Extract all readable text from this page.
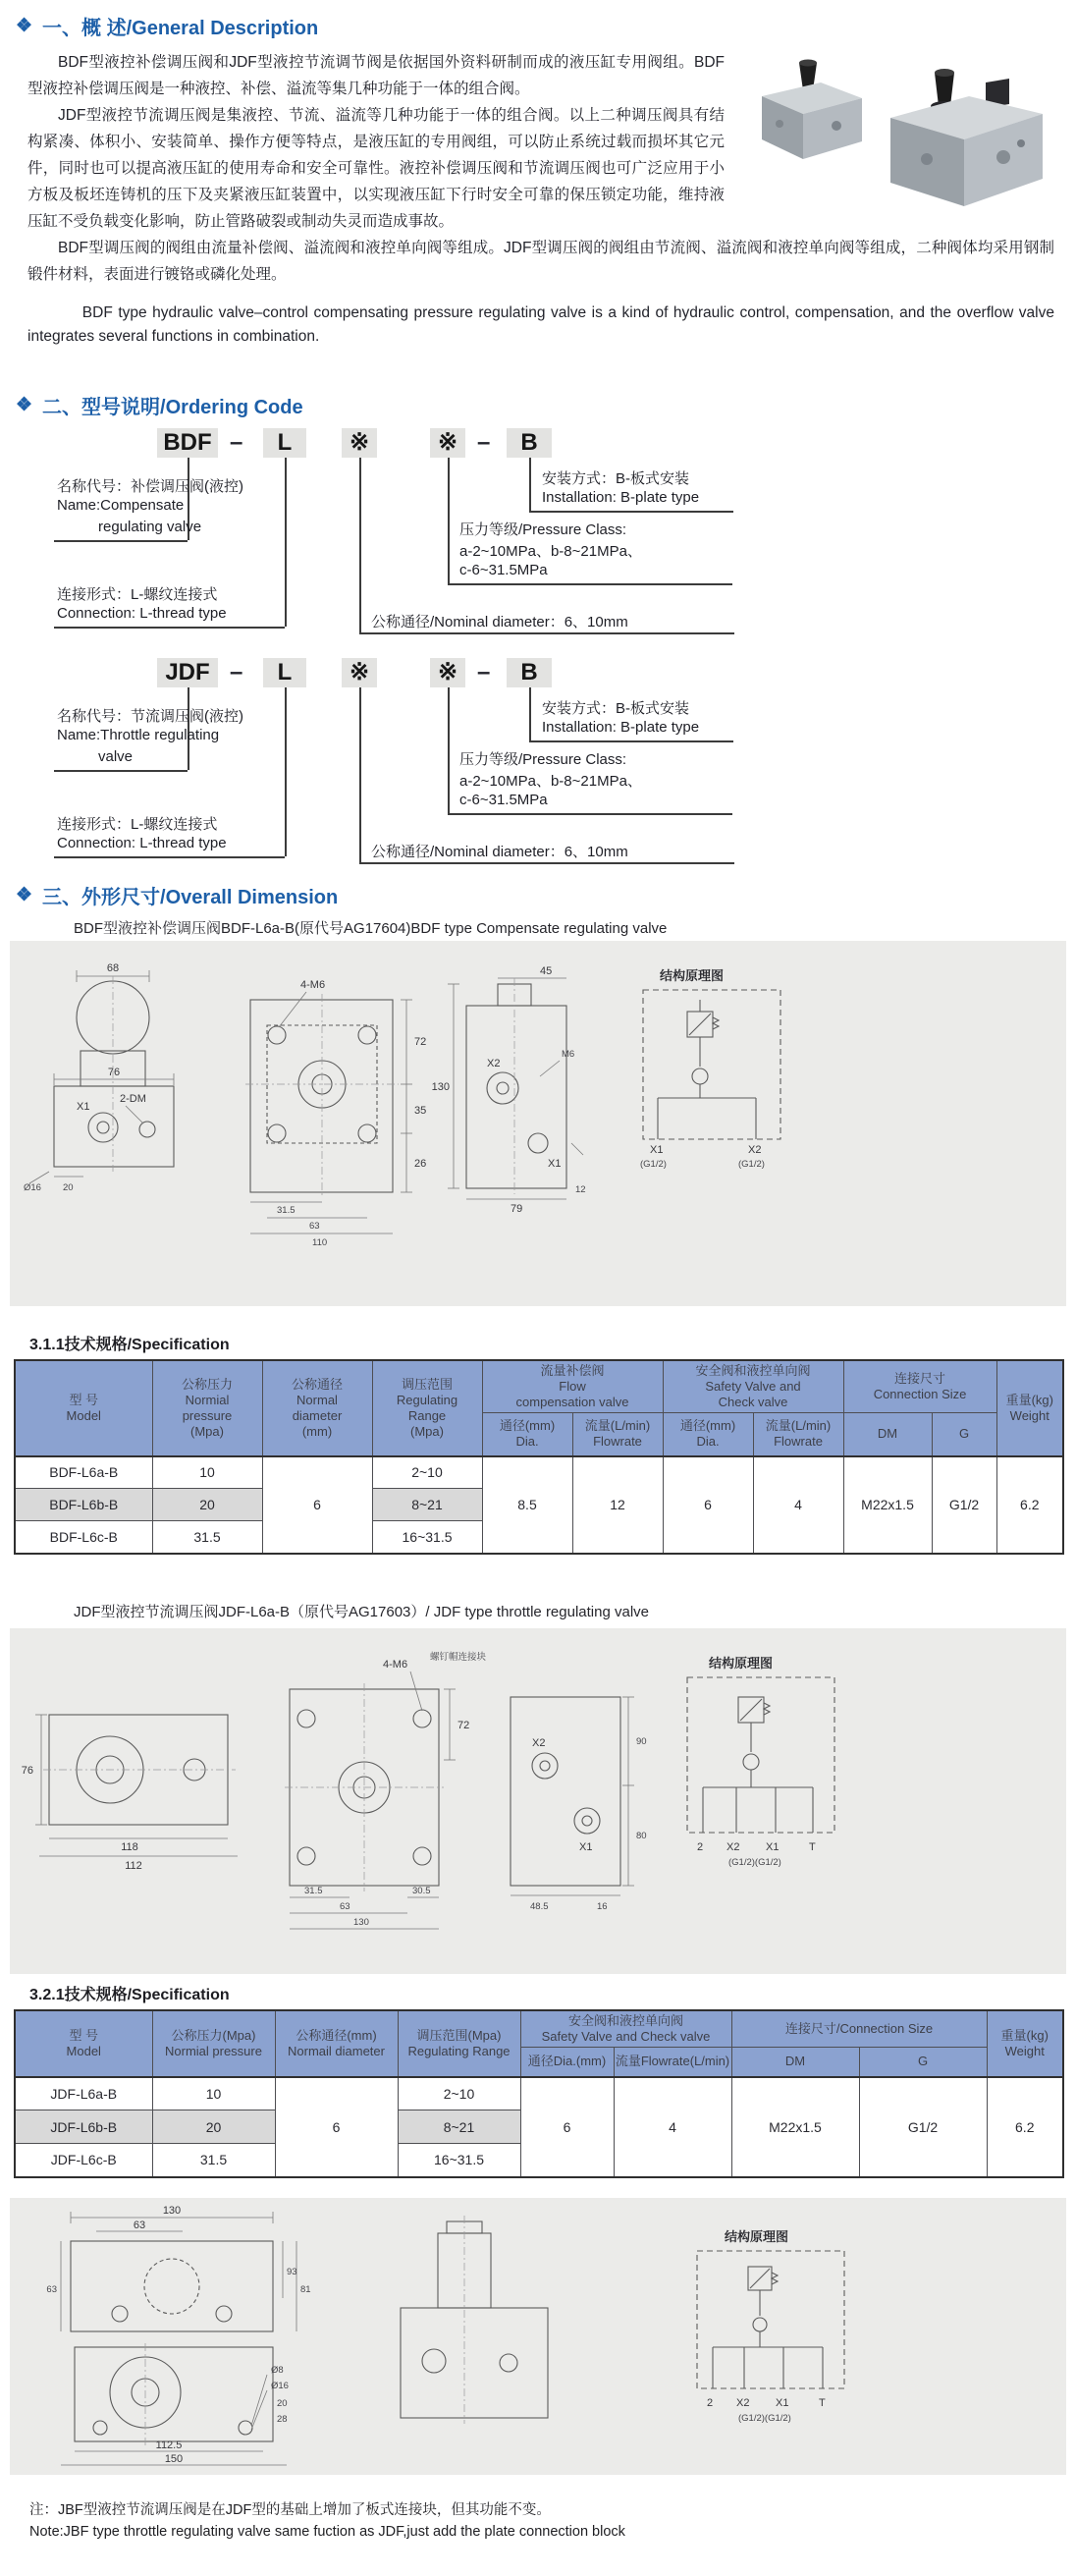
❖ 一、概 述/General Description

BDF型液控补偿调压阀和JDF型液控节流调节阀是依据国外资料研制而成的液压缸专用阀组。BDF型液控补偿调压阀是一种液控、补偿、溢流等集几种功能于一体的组合阀。

JDF型液控节流调压阀是集液控、节流、溢流等几种功能于一体的组合阀。以上二种调压阀具有结构紧凑、体积小、安装简单、操作方便等特点，是液压缸的专用阀组，可以防止系统过载而损坏其它元件，同时也可以提高液压缸的使用寿命和安全可靠性。液控补偿调压阀和节流调压阀也可广泛应用于小方板及板坯连铸机的压下及夹紧液压缸装置中，以实现液压缸下行时安全可靠的保压锁定功能，维持液压缸不受负载变化影响，防止管路破裂或制动失灵而造成事故。

BDF型调压阀的阀组由流量补偿阀、溢流阀和液控单向阀等组成。JDF型调压阀的阀组由节流阀、溢流阀和液控单向阀等组成，二种阀体均采用钢制锻件材料，表面进行镀铬或磷化处理。

BDF type hydraulic valve–control compensating pressure regulating valve is a kind of hydraulic control, compensation, and the overflow valve integrates several functions in combination.

❖ 二、型号说明/Ordering Code
BDF –	L	※	※ –	B
安装方式：B-板式安装
Installation: B-plate type
名称代号：补偿调压阀(液控)
Name:Compensate
regulating valve	压力等级/Pressure Class:
a-2~10MPa、b-8~21MPa、
c-6~31.5MPa
连接形式：L-螺纹连接式
Connection: L-thread type
公称通径/Nominal diameter：6、10mm
JDF –	L	※	※ –	B
安装方式：B-板式安装
Installation: B-plate type
名称代号：节流调压阀(液控)
Name:Throttle regulating
valve	压力等级/Pressure Class:
a-2~10MPa、b-8~21MPa、
c-6~31.5MPa
连接形式：L-螺纹连接式
Connection: L-thread type
公称通径/Nominal diameter：6、10mm
❖ 三、外形尺寸/Overall Dimension
BDF型液控补偿调压阀BDF-L6a-B(原代号AG17604)BDF type Compensate regulating valve
68
76
X1
2-DM
Ø16 20
4-M6
72
35
26
31.5
63
110
130
45
X2
X1
79
12
M6
结构原理图
X1
(G1/2)
X2
(G1/2)
3.1.1技术规格/Specification
型 号
Model	公称压力
Normial
pressure
(Mpa)	公称通径
Normal
diameter
(mm)	调压范围
Regulating
Range
(Mpa)	流量补偿阀
Flow
compensation valve		安全阀和液控单向阀
Safety Valve and
Check valve		连接尺寸
Connection Size		重量(kg)
Weight

				通径(mm)
Dia.	流量(L/min)
Flowrate	通径(mm)
Dia.	流量(L/min)
Flowrate	DM	G	
BDF-L6a-B	10	6	2~10	8.5	12	6	4	M22x1.5	G1/2	6.2
BDF-L6b-B	20		8~21							
BDF-L6c-B	31.5		16~31.5							
JDF型液控节流调压阀JDF-L6a-B（原代号AG17603）/ JDF type throttle regulating valve
76
118
112
4-M6
螺钉帽连接块
72
31.5
63
130
30.5
X2
X1
48.5	16
90
80
结构原理图
2 X2 X1	T
(G1/2)(G1/2)
3.2.1技术规格/Specification
型 号
Model	公称压力(Mpa)
Normial pressure	公称通径(mm)
Normail diameter	调压范围(Mpa)
Regulating Range	安全阀和液控单向阀
Safety Valve and Check valve		连接尺寸/Connection Size		重量(kg)
Weight

				通径Dia.(mm)	流量Flowrate(L/min)	DM	G	
JDF-L6a-B	10	6	2~10	6	4	M22x1.5	G1/2	6.2
JDF-L6b-B	20		8~21					
JDF-L6c-B	31.5		16~31.5					
130
63
93
81
63
Ø8
Ø16
20
28
112.5
150
结构原理图
2 X2 X1	T
(G1/2)(G1/2)
注：JBF型液控节流调压阀是在JDF型的基础上增加了板式连接块，但其功能不变。
Note:JBF type throttle regulating valve same fuction as JDF,just add the plate connection block
